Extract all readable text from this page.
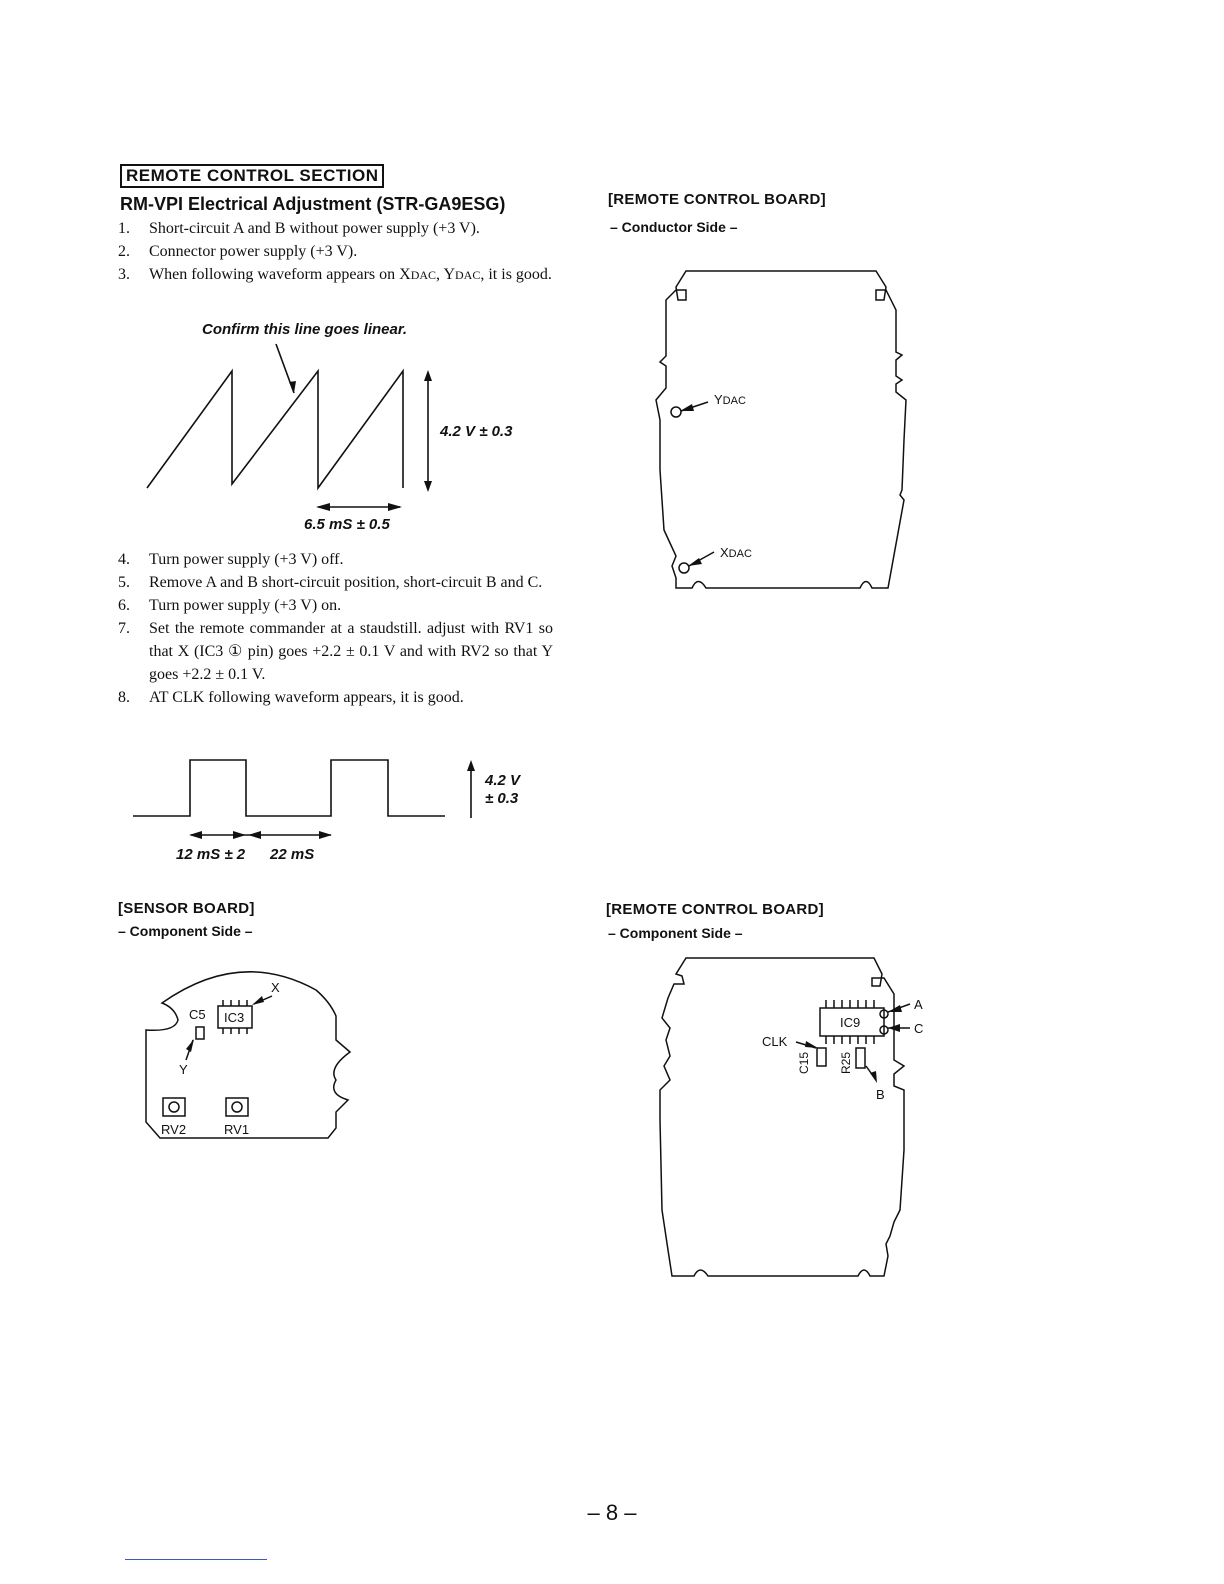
REMOTE CONTROL SECTION
RM-VPI Electrical Adjustment (STR-GA9ESG)
1. Short-circuit A and B without power supply (+3 V).
2. Connector power supply (+3 V).
3. When following waveform appears on XDAC, YDAC, it is good.
Confirm this line goes linear.
4.2 V ± 0.3
6.5 mS ± 0.5
4. Turn power supply (+3 V) off.
5. Remove A and B short-circuit position, short-circuit B and C.
6. Turn power supply (+3 V) on.
7. Set the remote commander at a staudstill. adjust with RV1 so that X (IC3 ① pin) goes +2.2 ± 0.1 V and with RV2 so that Y goes +2.2 ± 0.1 V.
8. AT CLK following waveform appears, it is good.
4.2 V
± 0.3
12 mS ± 2 22 mS
[REMOTE CONTROL BOARD]
– Conductor Side –
YDAC
XDAC
[SENSOR BOARD]
– Component Side –
X
C5 IC3
Y
RV2	RV1
[REMOTE CONTROL BOARD]
– Component Side –
A
C
IC9
CLK
C15 R25
B
– 8 –
